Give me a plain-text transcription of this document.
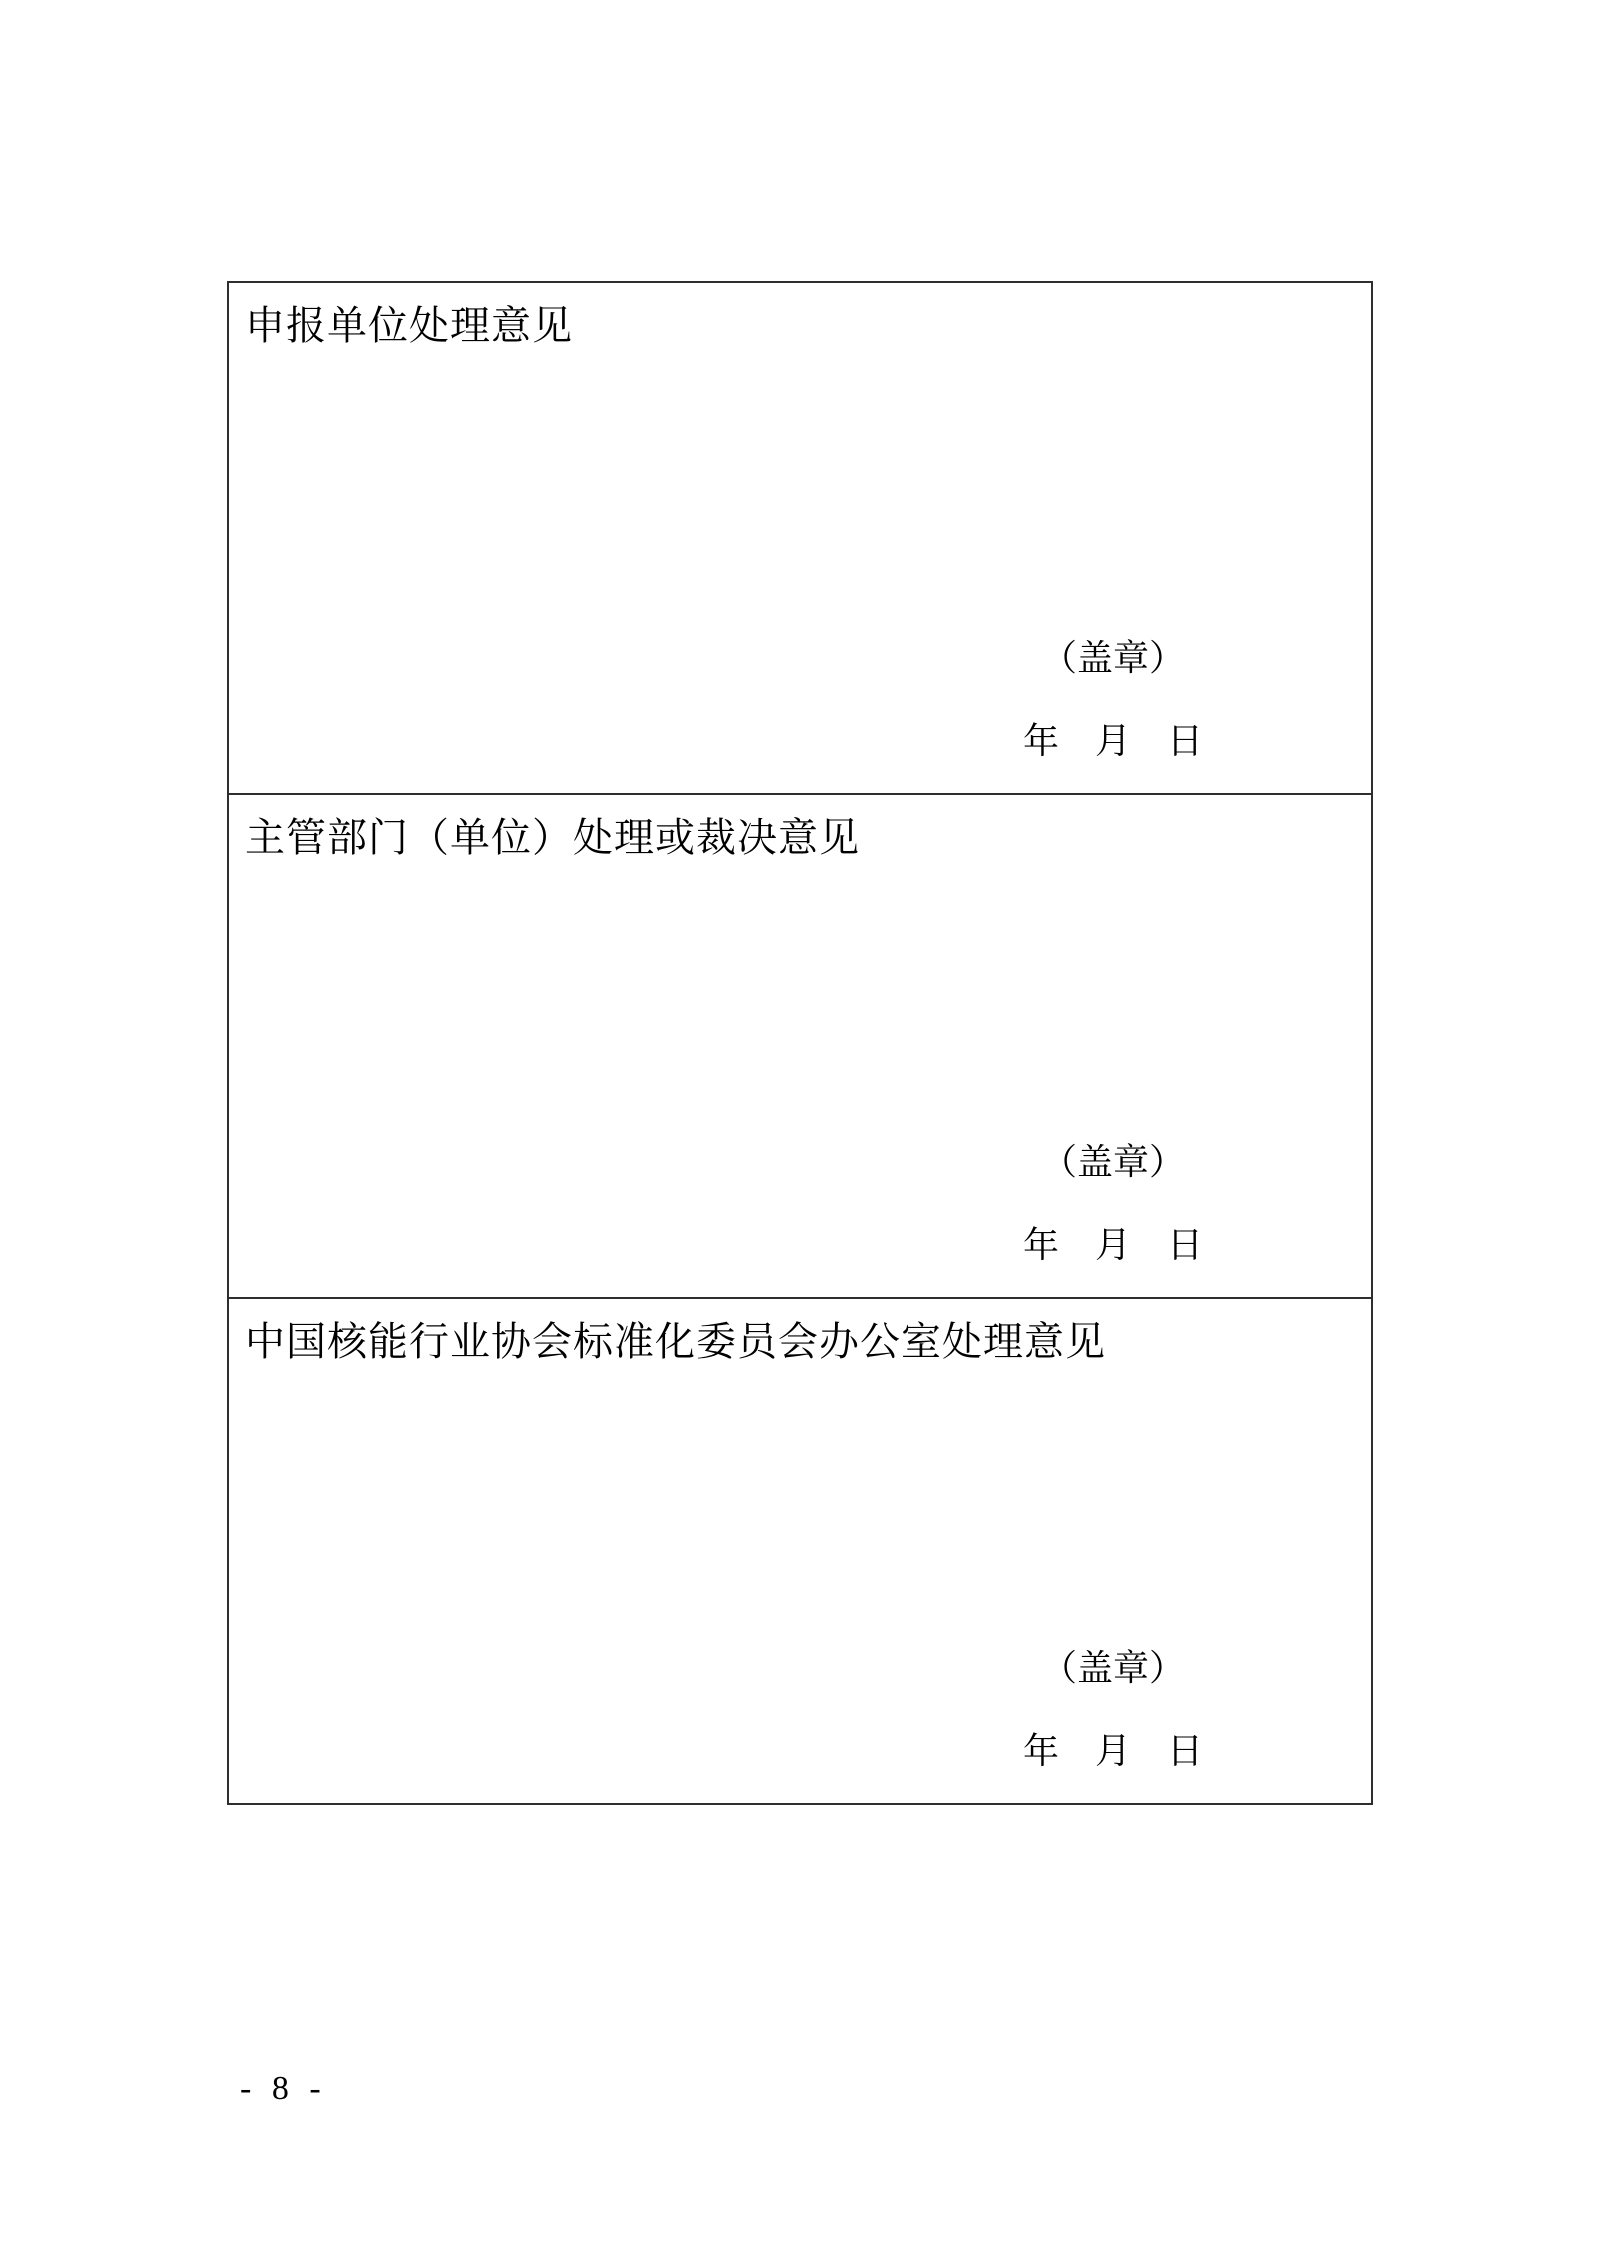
申报单位处理意见
（盖章）
年　月　日
主管部门（单位）处理或裁决意见
（盖章）
年　月　日
中国核能行业协会标准化委员会办公室处理意见
（盖章）
年　月　日
- 8 -
